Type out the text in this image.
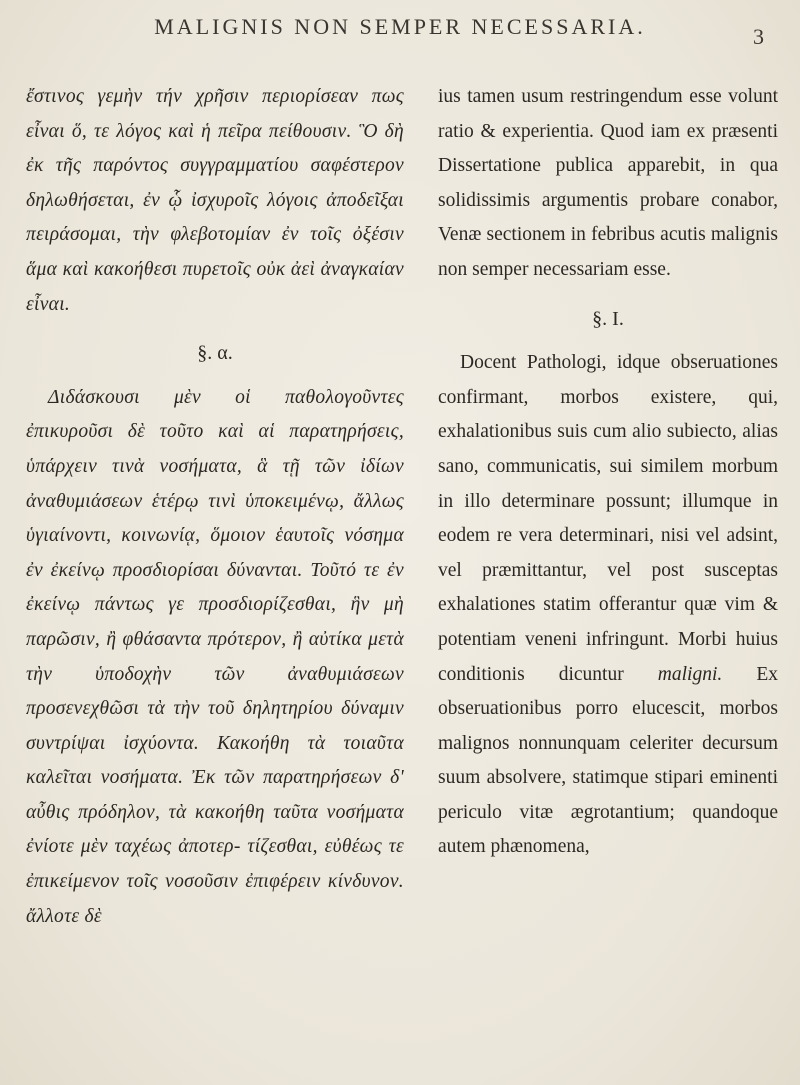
MALIGNIS NON SEMPER NECESSARIA.	3

ἔστινος γεμὴν τήν χρῆσιν περιορίσεαν πως εἶναι ὅ, τε λόγος καὶ ἡ πεῖρα πείθουσιν. Ὃ δὴ ἐκ τῆς παρόντος συγγραμματίου σαφέστερον δηλωθήσεται, ἐν ᾧ ἰσχυροῖς λόγοις ἀποδεῖξαι πειράσομαι, τὴν φλεβοτομίαν ἐν τοῖς ὀξέσιν ἅμα καὶ κακοήθεσι πυρετοῖς οὐκ ἀεὶ ἀναγκαίαν εἶναι.

§. α.

Διδάσκουσι μὲν οἱ παθολογοῦντες ἐπικυροῦσι δὲ τοῦτο καὶ αἱ παρατηρήσεις, ὑπάρχειν τινὰ νοσήματα, ἃ τῇ τῶν ἰδίων ἀναθυμιάσεων ἑτέρῳ τινὶ ὑποκειμένῳ, ἄλλως ὑγιαίνοντι, κοινωνίᾳ, ὅμοιον ἑαυτοῖς νόσημα ἐν ἐκείνῳ προσδιορίσαι δύνανται. Τοῦτό τε ἐν ἐκείνῳ πάντως γε προσδιορίζεσθαι, ἣν μὴ παρῶσιν, ἢ φθάσαντα πρότερον, ἢ αὐτίκα μετὰ τὴν ὑποδοχὴν τῶν ἀναθυμιάσεων προσενεχθῶσι τὰ τὴν τοῦ δηλητηρίου δύναμιν συντρίψαι ἰσχύοντα. Κακοήθη τὰ τοιαῦτα καλεῖται νοσήματα. Ἐκ τῶν παρατηρήσεων δ' αὖθις πρόδηλον, τὰ κακοήθη ταῦτα νοσήματα ἐνίοτε μὲν ταχέως ἀποτερ- τίζεσθαι, εὐθέως τε ἐπικείμενον τοῖς νοσοῦσιν ἐπιφέρειν κίνδυνον. ἄλλοτε δὲ

ius tamen usum restringendum esse volunt ratio & experientia. Quod iam ex præsenti Dissertatione publica apparebit, in qua solidissimis argumentis probare conabor, Venæ sectionem in febribus acutis malignis non semper necessariam esse.

§. I.

Docent Pathologi, idque obseruationes confirmant, morbos existere, qui, exhalationibus suis cum alio subiecto, alias sano, communicatis, sui similem morbum in illo determinare possunt; illumque in eodem re vera determinari, nisi vel adsint, vel præmittantur, vel post susceptas exhalationes statim offerantur quæ vim & potentiam veneni infringunt. Morbi huius conditionis dicuntur maligni. Ex obseruationibus porro elucescit, morbos malignos nonnunquam celeriter decursum suum absolvere, statimque stipari eminenti periculo vitæ ægrotantium; quandoque autem phænomena,
